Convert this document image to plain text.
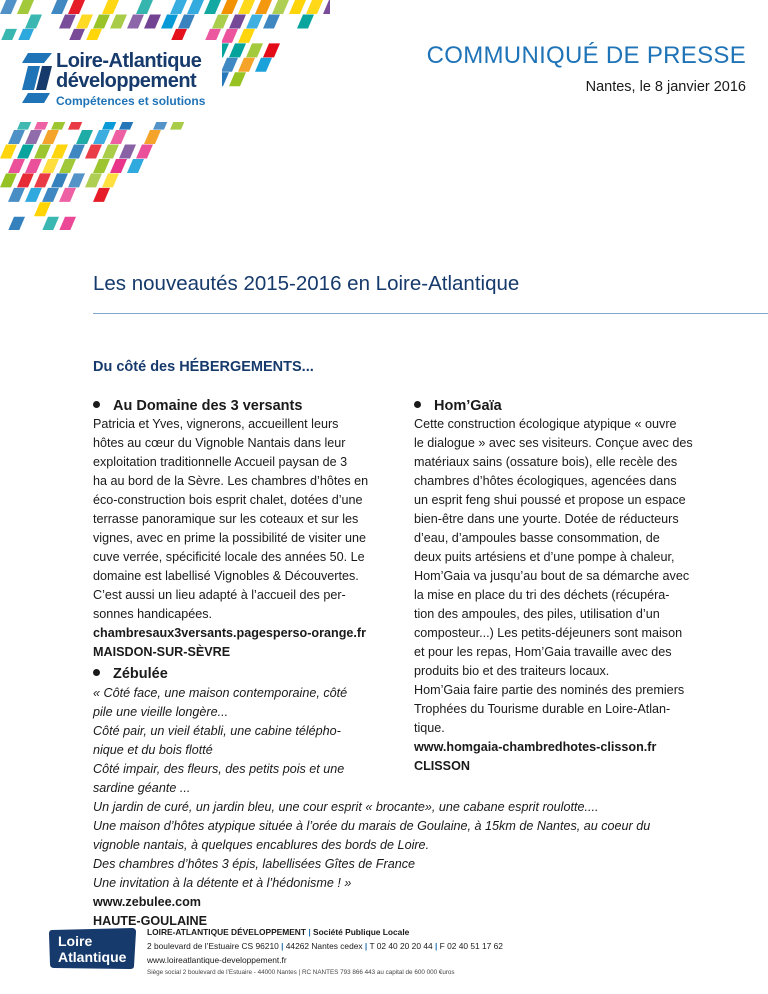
Loire-Atlantique
développement
Compétences et solutions
COMMUNIQUÉ DE PRESSE
Nantes, le 8 janvier 2016
Les nouveautés 2015-2016 en Loire-Atlantique
Du côté des HÉBERGEMENTS...
Au Domaine des 3 versants
Patricia et Yves, vignerons, accueillent leurs
hôtes au cœur du Vignoble Nantais dans leur
exploitation traditionnelle Accueil paysan de 3
ha au bord de la Sèvre. Les chambres d’hôtes en
éco-construction bois esprit chalet, dotées d’une
terrasse panoramique sur les coteaux et sur les
vignes, avec en prime la possibilité de visiter une
cuve verrée, spécificité locale des années 50. Le
domaine est labellisé Vignobles & Découvertes.
C’est aussi un lieu adapté à l’accueil des per-
sonnes handicapées.
chambresaux3versants.pagesperso-orange.fr
MAISDON-SUR-SÈVRE
Hom’Gaïa
Cette construction écologique atypique « ouvre
le dialogue » avec ses visiteurs. Conçue avec des
matériaux sains (ossature bois), elle recèle des
chambres d’hôtes écologiques, agencées dans
un esprit feng shui poussé et propose un espace
bien-être dans une yourte. Dotée de réducteurs
d’eau, d’ampoules basse consommation, de
deux puits artésiens et d’une pompe à chaleur,
Hom’Gaia va jusqu’au bout de sa démarche avec
la mise en place du tri des déchets (récupéra-
tion des ampoules, des piles, utilisation d’un
composteur...) Les petits-déjeuners sont maison
et pour les repas, Hom’Gaia travaille avec des
produits bio et des traiteurs locaux.
Hom’Gaia faire partie des nominés des premiers
Trophées du Tourisme durable en Loire-Atlan-
tique.
www.homgaia-chambredhotes-clisson.fr
CLISSON
Zébulée
« Côté face, une maison contemporaine, côté
pile une vieille longère...
Côté pair, un vieil établi, une cabine télépho-
nique et du bois flotté
Côté impair, des fleurs, des petits pois et une
sardine géante ...
Un jardin de curé, un jardin bleu, une cour esprit « brocante», une cabane esprit roulotte....
Une maison d’hôtes atypique située à l’orée du marais de Goulaine, à 15km de Nantes, au coeur du
vignoble nantais, à quelques encablures des bords de Loire.
Des chambres d’hôtes 3 épis, labellisées Gîtes de France
Une invitation à la détente et à l’hédonisme ! »
www.zebulee.com
HAUTE-GOULAINE
Loire
Atlantique
LOIRE-ATLANTIQUE DÉVELOPPEMENT | Société Publique Locale
2 boulevard de l’Estuaire CS 96210 | 44262 Nantes cedex | T 02 40 20 20 44 | F 02 40 51 17 62
www.loireatlantique-developpement.fr
Siège social 2 boulevard de l’Estuaire - 44000 Nantes | RC NANTES 793 866 443 au capital de 600 000 €uros
